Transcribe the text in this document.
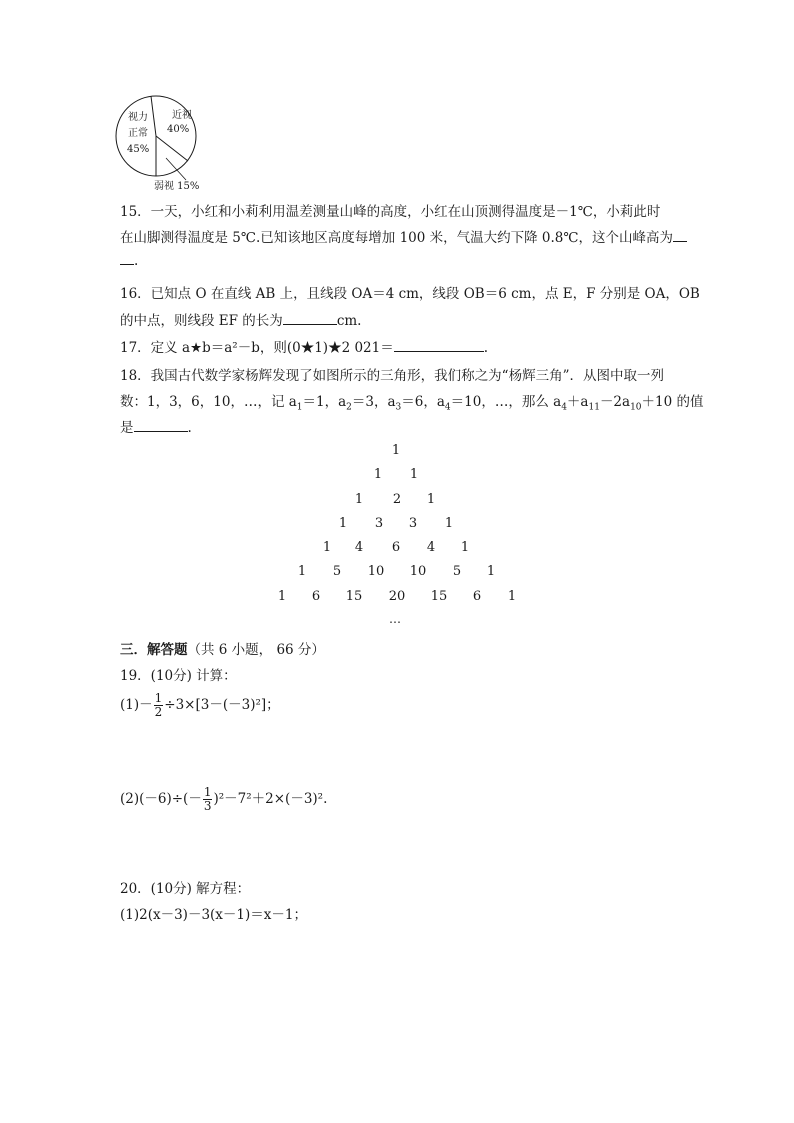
近视
40%
视力
正常
45%
弱视 15%
15．一天，小红和小莉利用温差测量山峰的高度，小红在山顶测得温度是－1℃，小莉此时
在山脚测得温度是 5℃.已知该地区高度每增加 100 米，气温大约下降 0.8℃，这个山峰高为
.
16．已知点 O 在直线 AB 上，且线段 OA＝4 cm，线段 OB＝6 cm，点 E，F 分别是 OA，OB
的中点，则线段 EF 的长为	cm.
17．定义 a★b＝a²－b，则(0★1)★2 021＝	.
18．我国古代数学家杨辉发现了如图所示的三角形，我们称之为“杨辉三角”．从图中取一列
数：1，3，6，10，…，记 $a_1=1$，$a_2=3$，$a_3=6$，$a_4=10$，…，那么 $a_4+a_{11}-2a_{10}+10$ 的值
是	.
1
1 1
1 2 1
1 3 3 1
1 4 6 4 1
1 5 10 10 5 1
1 6 15 20 15 6 1
…
三．解答题（共 6 小题， 66 分）
19．(10分) 计算：
$(1)- \frac{1}{2} \div 3\times[3-(-3)^2]$；
$(2)(-6)\div(- \frac{1}{3} )^2-7^2+2\times(-3)^2$.
20．(10分) 解方程：
(1)2(x－3)－3(x－1)＝x－1；
